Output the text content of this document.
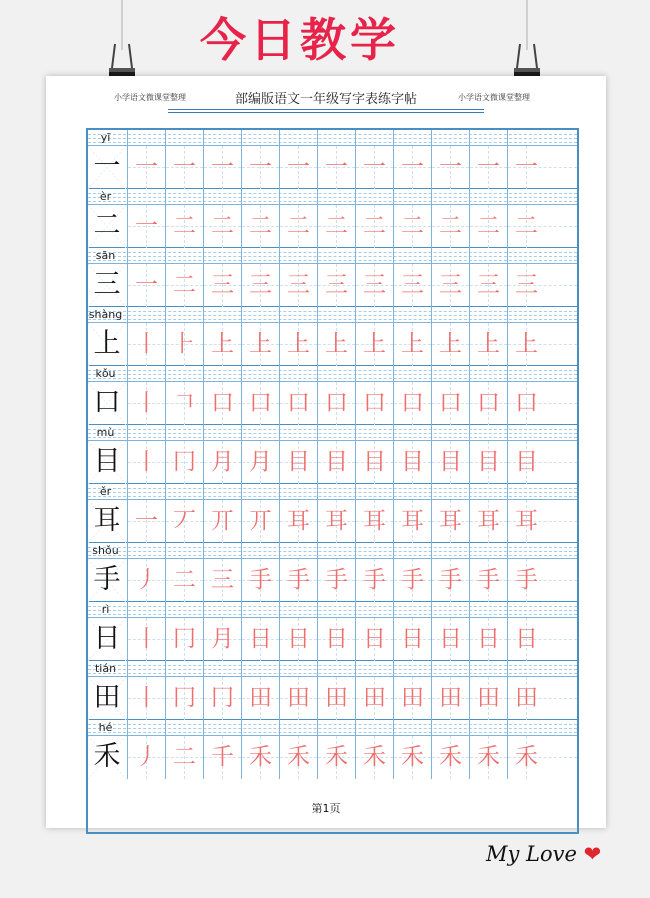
今日教学
小学语文微课堂整理	部编版语文一年级写字表练字帖	小学语文微课堂整理
yī
一 一 一 一 一 一 一 一 一 一 一 一
èr
二 一 二 二 二 二 二 二 二 二 二 二
sān
三 一 二 三 三 三 三 三 三 三 三 三
shàng
上 丨 ⺊ 上 上 上 上 上 上 上 上 上
kǒu
口 丨 𠃍 口 口 口 口 口 口 口 口 口
mù
目 丨 冂 月 月 目 目 目 目 目 目 目
ěr
耳 一 丆 丌 丌 耳 耳 耳 耳 耳 耳 耳
shǒu
手 丿 二 三 手 手 手 手 手 手 手 手
rì
日 丨 冂 月 日 日 日 日 日 日 日 日
tián
田 丨 冂 冂 田 田 田 田 田 田 田 田
hé
禾 丿 二 千 禾 禾 禾 禾 禾 禾 禾 禾
第1页
My Love ❤
